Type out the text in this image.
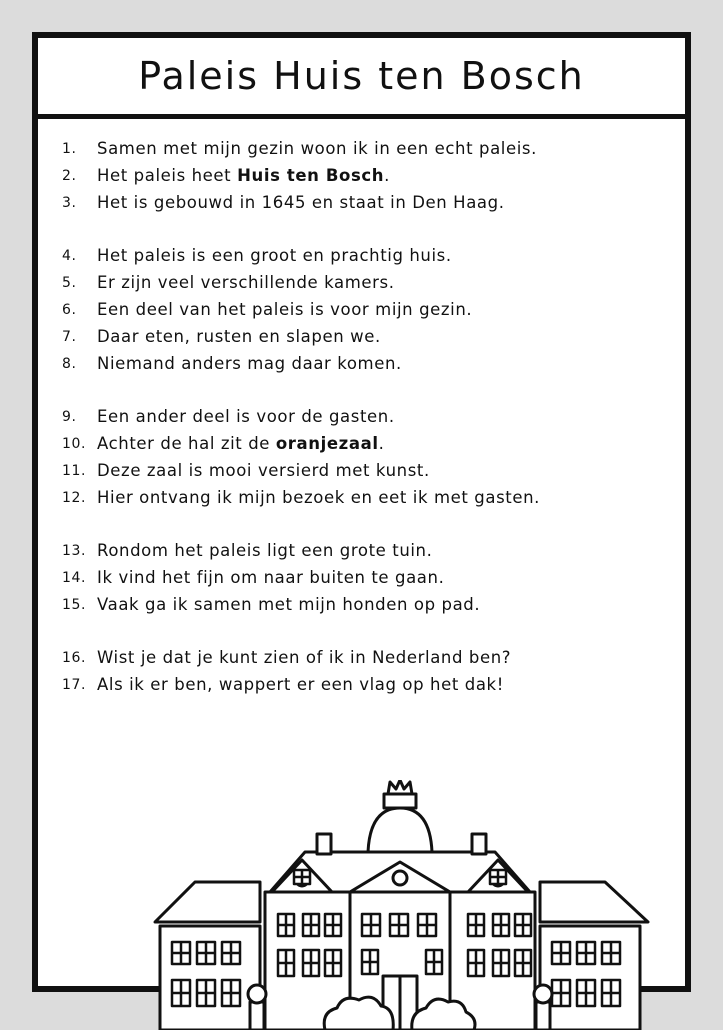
Paleis Huis ten Bosch
1.	Samen met mijn gezin woon ik in een echt paleis.
2.	Het paleis heet Huis ten Bosch.
3.	Het is gebouwd in 1645 en staat in Den Haag.
4.	Het paleis is een groot en prachtig huis.
5.	Er zijn veel verschillende kamers.
6.	Een deel van het paleis is voor mijn gezin.
7.	Daar eten, rusten en slapen we.
8.	Niemand anders mag daar komen.
9.	Een ander deel is voor de gasten.
10. Achter de hal zit de oranjezaal.
11. Deze zaal is mooi versierd met kunst.
12. Hier ontvang ik mijn bezoek en eet ik met gasten.
13. Rondom het paleis ligt een grote tuin.
14. Ik vind het fijn om naar buiten te gaan.
15. Vaak ga ik samen met mijn honden op pad.
16. Wist je dat je kunt zien of ik in Nederland ben?
17. Als ik er ben, wappert er een vlag op het dak!
